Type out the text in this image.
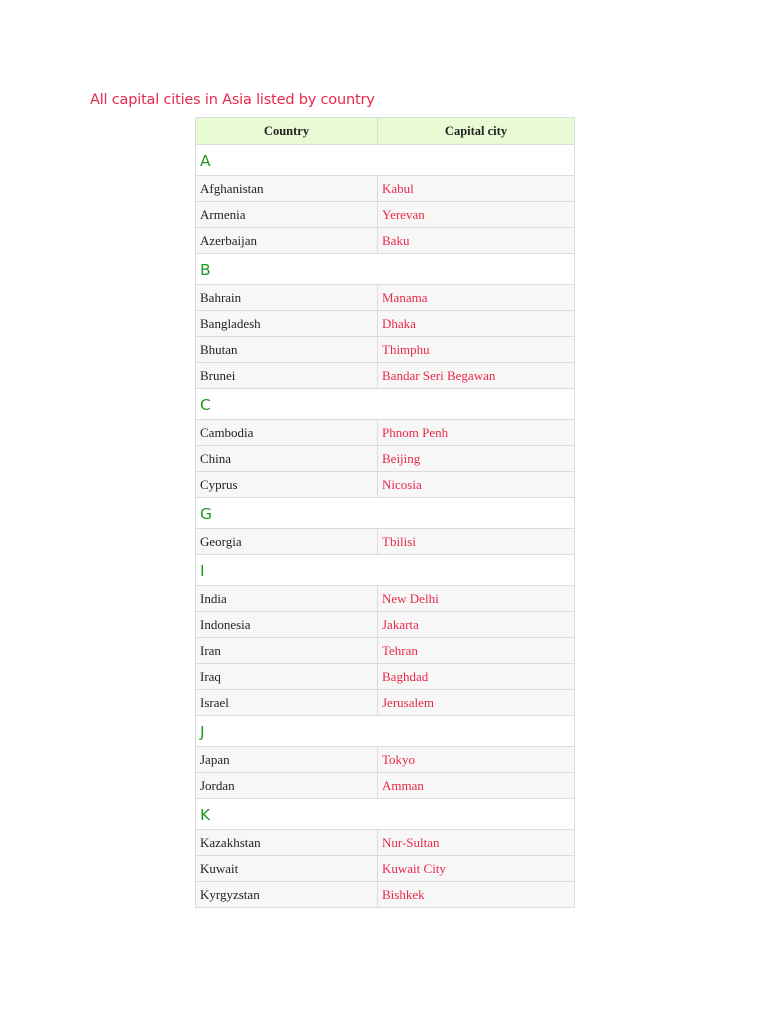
All capital cities in Asia listed by country
Country	Capital city
A	
Afghanistan	Kabul
Armenia	Yerevan
Azerbaijan	Baku
B	
Bahrain	Manama
Bangladesh	Dhaka
Bhutan	Thimphu
Brunei	Bandar Seri Begawan
C	
Cambodia	Phnom Penh
China	Beijing
Cyprus	Nicosia
G	
Georgia	Tbilisi
I	
India	New Delhi
Indonesia	Jakarta
Iran	Tehran
Iraq	Baghdad
Israel	Jerusalem
J	
Japan	Tokyo
Jordan	Amman
K	
Kazakhstan	Nur-Sultan
Kuwait	Kuwait City
Kyrgyzstan	Bishkek
